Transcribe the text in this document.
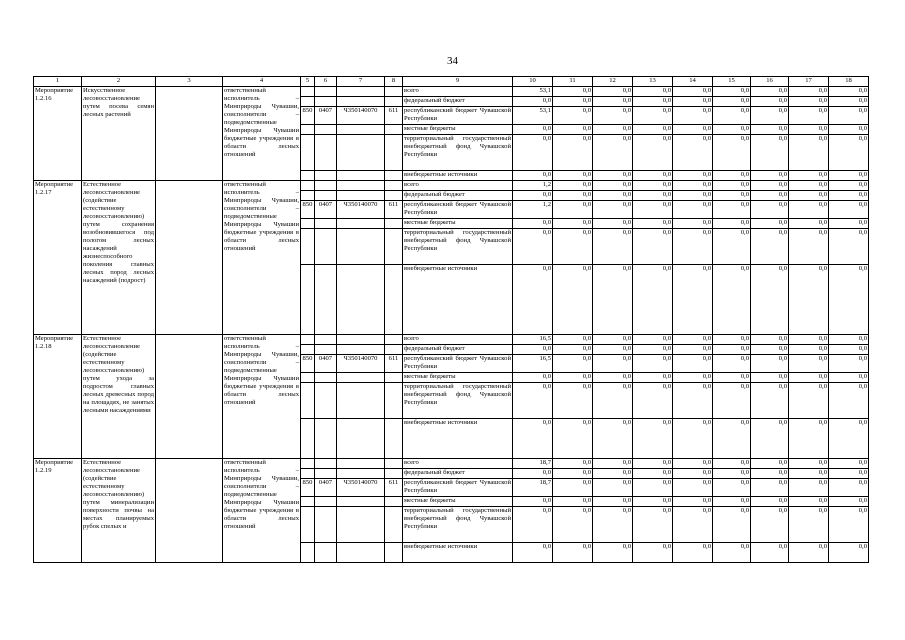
34
1	2	3	4	5	6	7	8	9	10	11	12	13	14	15	16	17	18
Мероприятие 1.2.16	Искусственное лесовосстановление путем посева семян лесных растений		ответственный исполнитель – Минприроды Чувашии, соисполнители – подведомственные Минприроды Чувашии бюджетные учреждения в области лесных отношений					всего	53,1	0,0	0,0	0,0	0,0	0,0	0,0	0,0	0,0
								федеральный бюджет	0,0	0,0	0,0	0,0	0,0	0,0	0,0	0,0	0,0
				850	0407	Ч350140070	611	республиканский бюджет Чувашской Республики	53,1	0,0	0,0	0,0	0,0	0,0	0,0	0,0	0,0
								местные бюджеты	0,0	0,0	0,0	0,0	0,0	0,0	0,0	0,0	0,0
								территориальный государственный внебюджетный фонд Чувашской Республики	0,0	0,0	0,0	0,0	0,0	0,0	0,0	0,0	0,0
								внебюджетные источники	0,0	0,0	0,0	0,0	0,0	0,0	0,0	0,0	0,0
Мероприятие 1.2.17	Естественное лесовосстановление (содействие естественному лесовосстановлению) путем сохранения возобновившегося под пологом лесных насаждений жизнеспособного поколения главных лесных пород лесных насаждений (подрост)		ответственный исполнитель – Минприроды Чувашии, соисполнители – подведомственные Минприроды Чувашии бюджетные учреждения в области лесных отношений					всего	1,2	0,0	0,0	0,0	0,0	0,0	0,0	0,0	0,0
								федеральный бюджет	0,0	0,0	0,0	0,0	0,0	0,0	0,0	0,0	0,0
				850	0407	Ч350140070	611	республиканский бюджет Чувашской Республики	1,2	0,0	0,0	0,0	0,0	0,0	0,0	0,0	0,0
								местные бюджеты	0,0	0,0	0,0	0,0	0,0	0,0	0,0	0,0	0,0
								территориальный государственный внебюджетный фонд Чувашской Республики	0,0	0,0	0,0	0,0	0,0	0,0	0,0	0,0	0,0
								внебюджетные источники	0,0	0,0	0,0	0,0	0,0	0,0	0,0	0,0	0,0
Мероприятие 1.2.18	Естественное лесовосстановление (содействие естественному лесовосстановлению) путем ухода за подростом главных лесных древесных пород на площадях, не занятых лесными насаждениями		ответственный исполнитель – Минприроды Чувашии, соисполнители – подведомственные Минприроды Чувашии бюджетные учреждения в области лесных отношений					всего	16,5	0,0	0,0	0,0	0,0	0,0	0,0	0,0	0,0
								федеральный бюджет	0,0	0,0	0,0	0,0	0,0	0,0	0,0	0,0	0,0
				850	0407	Ч350140070	611	республиканский бюджет Чувашской Республики	16,5	0,0	0,0	0,0	0,0	0,0	0,0	0,0	0,0
								местные бюджеты	0,0	0,0	0,0	0,0	0,0	0,0	0,0	0,0	0,0
								территориальный государственный внебюджетный фонд Чувашской Республики	0,0	0,0	0,0	0,0	0,0	0,0	0,0	0,0	0,0
								внебюджетные источники	0,0	0,0	0,0	0,0	0,0	0,0	0,0	0,0	0,0
Мероприятие 1.2.19	Естественное лесовосстановление (содействие естественному лесовосстановлению) путем минерализации поверхности почвы на местах планируемых рубок спелых и		ответственный исполнитель – Минприроды Чувашии, соисполнители – подведомственные Минприроды Чувашии бюджетные учреждения в области лесных отношений					всего	18,7	0,0	0,0	0,0	0,0	0,0	0,0	0,0	0,0
								федеральный бюджет	0,0	0,0	0,0	0,0	0,0	0,0	0,0	0,0	0,0
				850	0407	Ч350140070	611	республиканский бюджет Чувашской Республики	18,7	0,0	0,0	0,0	0,0	0,0	0,0	0,0	0,0
								местные бюджеты	0,0	0,0	0,0	0,0	0,0	0,0	0,0	0,0	0,0
								территориальный государственный внебюджетный фонд Чувашской Республики	0,0	0,0	0,0	0,0	0,0	0,0	0,0	0,0	0,0
								внебюджетные источники	0,0	0,0	0,0	0,0	0,0	0,0	0,0	0,0	0,0
